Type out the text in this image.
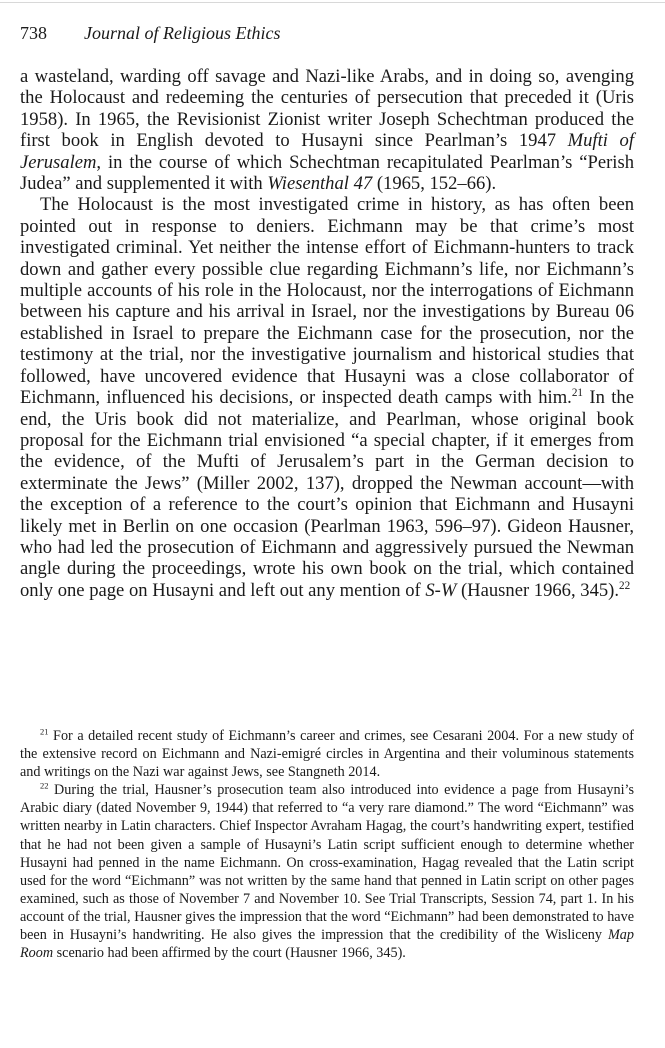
738 Journal of Religious Ethics

a wasteland, warding off savage and Nazi-like Arabs, and in doing so, avenging the Holocaust and redeeming the centuries of persecution that preceded it (Uris 1958). In 1965, the Revisionist Zionist writer Joseph Schechtman produced the first book in English devoted to Husayni since Pearlman’s 1947 Mufti of Jerusalem, in the course of which Schechtman recapitulated Pearlman’s “Perish Judea” and supplemented it with Wiesenthal 47 (1965, 152–66).

The Holocaust is the most investigated crime in history, as has often been pointed out in response to deniers. Eichmann may be that crime’s most investigated criminal. Yet neither the intense effort of Eichmann-hunters to track down and gather every possible clue regarding Eichmann’s life, nor Eichmann’s multiple accounts of his role in the Holocaust, nor the interrogations of Eichmann between his capture and his arrival in Israel, nor the investigations by Bureau 06 established in Israel to prepare the Eichmann case for the prosecution, nor the testimony at the trial, nor the investigative journalism and historical studies that followed, have uncovered evidence that Husayni was a close collaborator of Eichmann, influenced his decisions, or inspected death camps with him.$^{21}$ In the end, the Uris book did not materialize, and Pearlman, whose original book proposal for the Eichmann trial envisioned “a special chapter, if it emerges from the evidence, of the Mufti of Jerusalem’s part in the German decision to exterminate the Jews” (Miller 2002, 137), dropped the Newman account—with the exception of a reference to the court’s opinion that Eichmann and Husayni likely met in Berlin on one occasion (Pearlman 1963, 596–97). Gideon Hausner, who had led the prosecution of Eichmann and aggressively pursued the Newman angle during the proceedings, wrote his own book on the trial, which contained only one page on Husayni and left out any mention of S-W (Hausner 1966, 345).$^{22}$

$^{21}$ For a detailed recent study of Eichmann’s career and crimes, see Cesarani 2004. For a new study of the extensive record on Eichmann and Nazi-emigré circles in Argentina and their voluminous statements and writings on the Nazi war against Jews, see Stangneth 2014.

$^{22}$ During the trial, Hausner’s prosecution team also introduced into evidence a page from Husayni’s Arabic diary (dated November 9, 1944) that referred to “a very rare diamond.” The word “Eichmann” was written nearby in Latin characters. Chief Inspector Avraham Hagag, the court’s handwriting expert, testified that he had not been given a sample of Husayni’s Latin script sufficient enough to determine whether Husayni had penned in the name Eichmann. On cross-examination, Hagag revealed that the Latin script used for the word “Eichmann” was not written by the same hand that penned in Latin script on other pages examined, such as those of November 7 and November 10. See Trial Transcripts, Session 74, part 1. In his account of the trial, Hausner gives the impression that the word “Eichmann” had been demonstrated to have been in Husayni’s handwriting. He also gives the impression that the credibility of the Wisliceny Map Room scenario had been affirmed by the court (Hausner 1966, 345).
